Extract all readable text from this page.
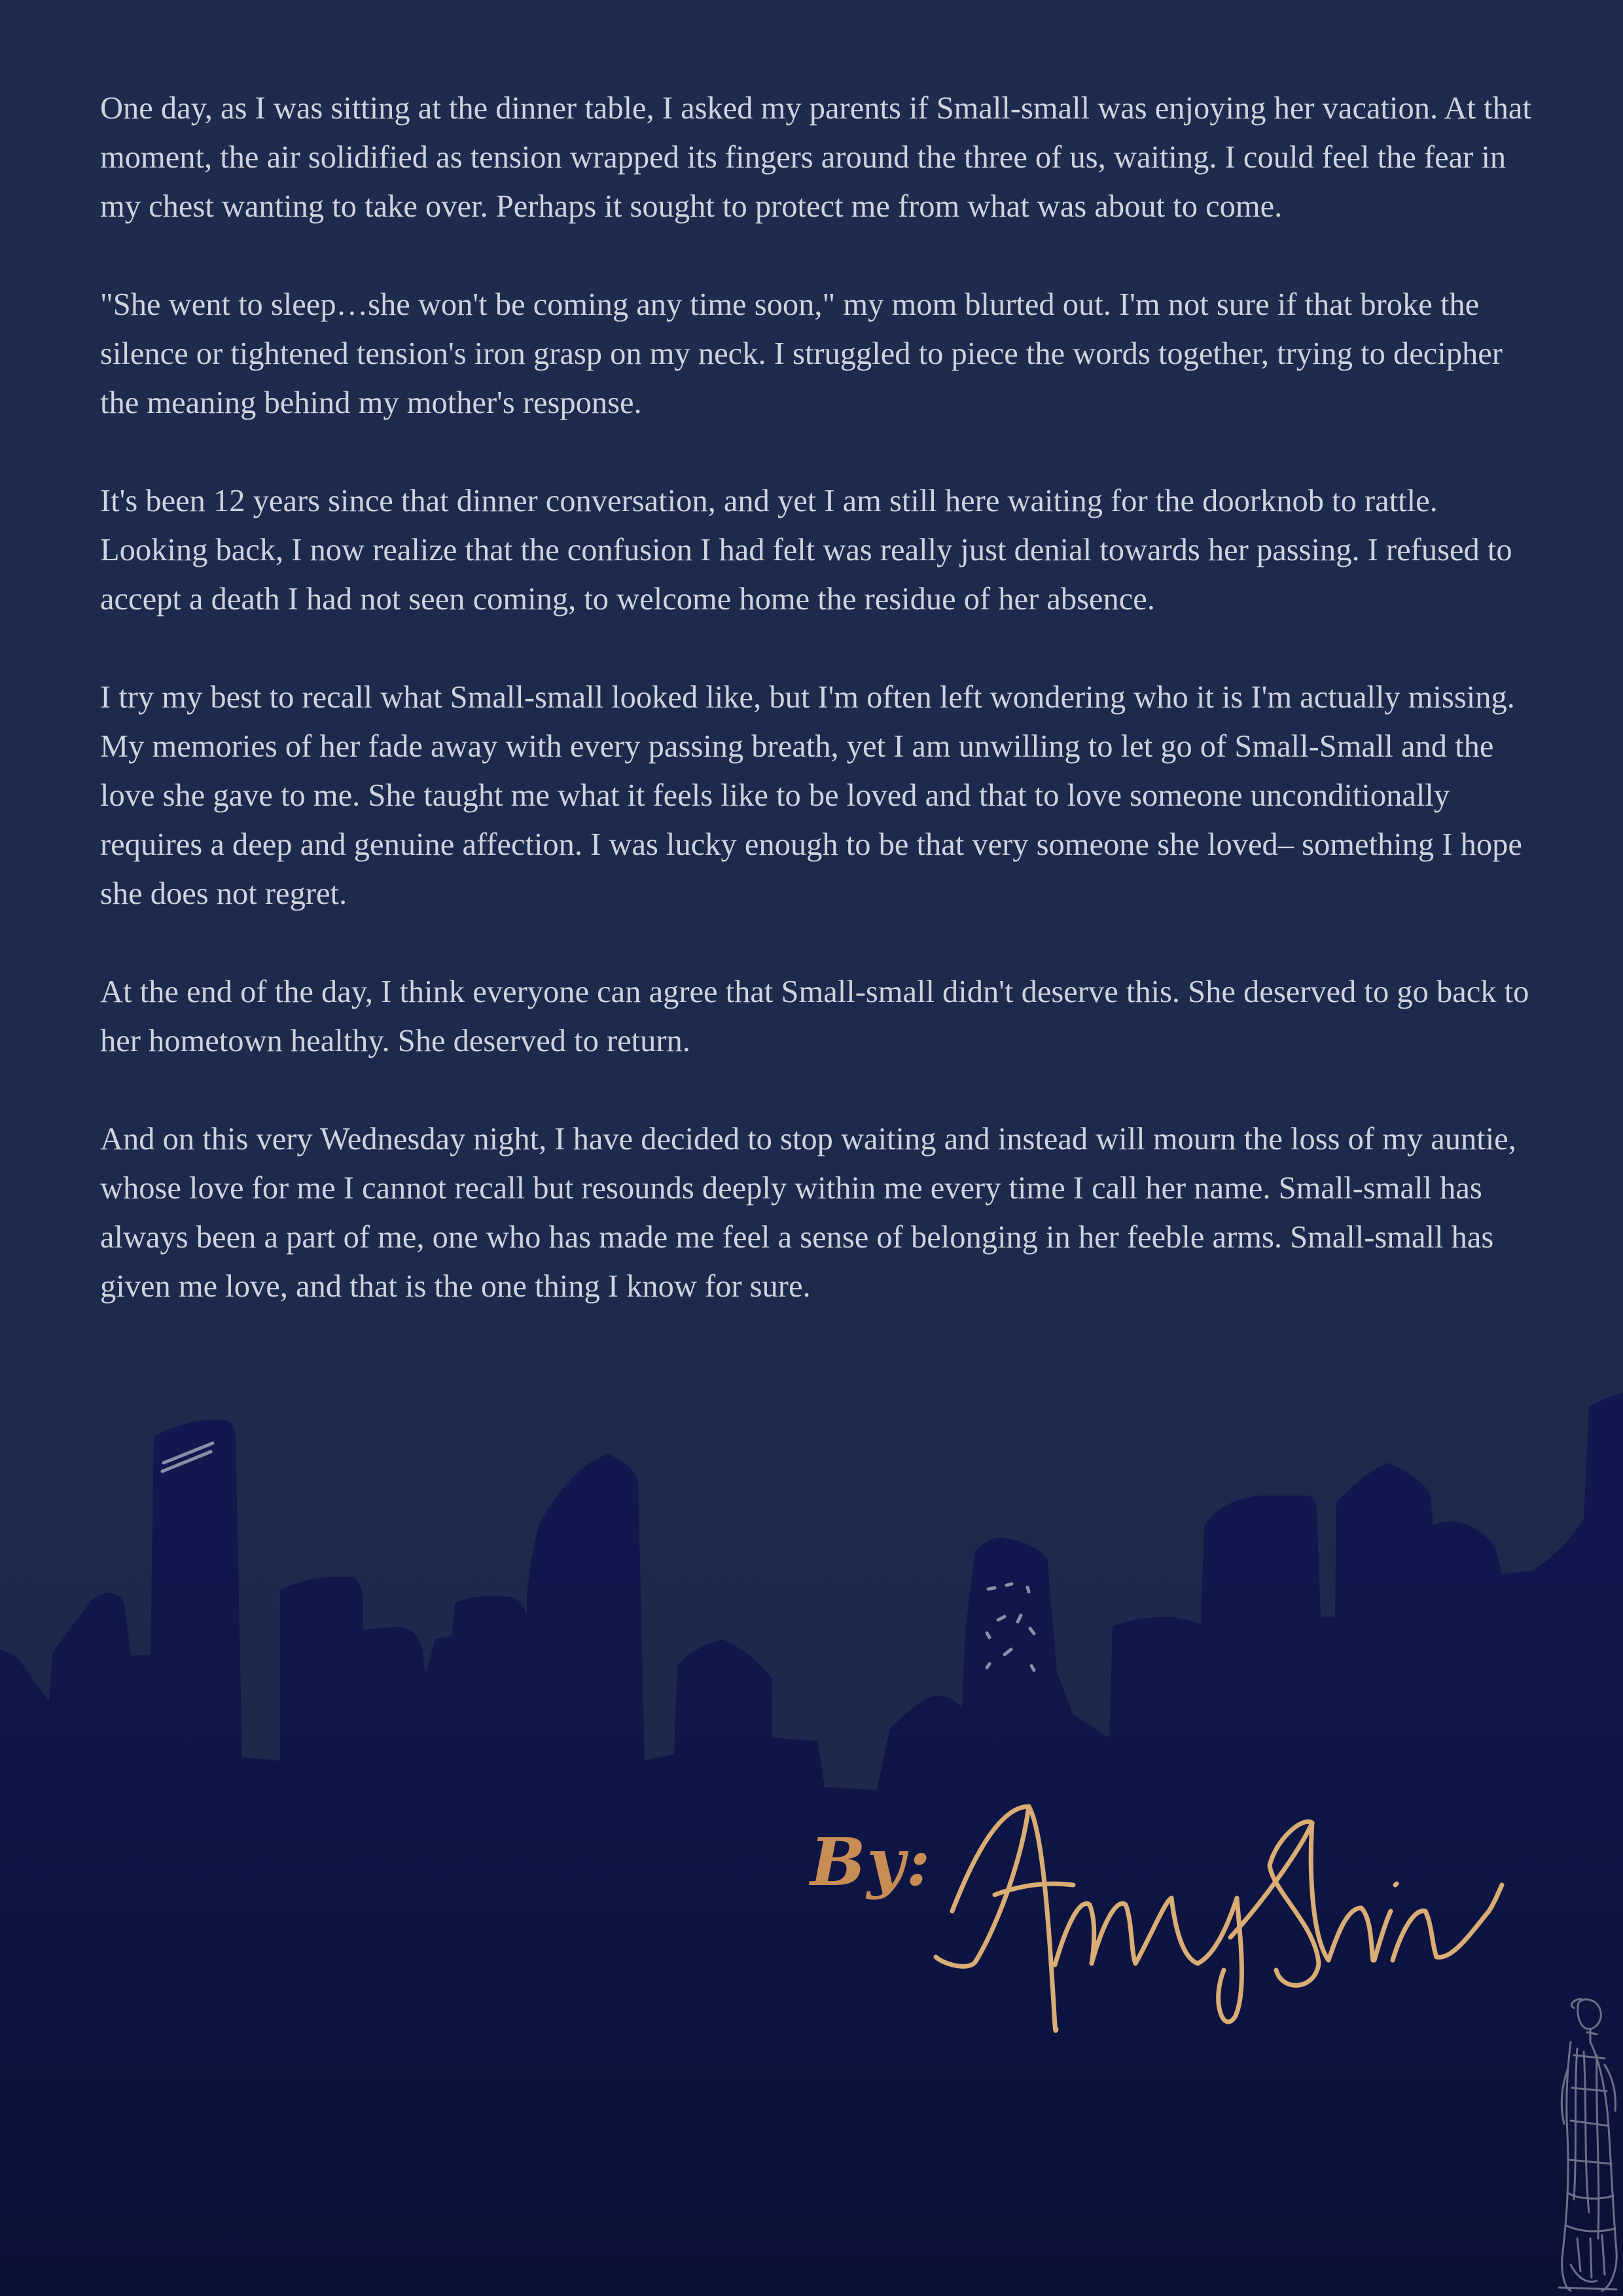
One day, as I was sitting at the dinner table, I asked my parents if Small-small was enjoying her vacation. At that moment, the air solidified as tension wrapped its fingers around the three of us, waiting. I could feel the fear in my chest wanting to take over. Perhaps it sought to protect me from what was about to come.

"She went to sleep…she won't be coming any time soon," my mom blurted out. I'm not sure if that broke the silence or tightened tension's iron grasp on my neck. I struggled to piece the words together, trying to decipher the meaning behind my mother's response.

It's been 12 years since that dinner conversation, and yet I am still here waiting for the doorknob to rattle. Looking back, I now realize that the confusion I had felt was really just denial towards her passing. I refused to accept a death I had not seen coming, to welcome home the residue of her absence.

I try my best to recall what Small-small looked like, but I'm often left wondering who it is I'm actually missing. My memories of her fade away with every passing breath, yet I am unwilling to let go of Small-Small and the love she gave to me. She taught me what it feels like to be loved and that to love someone unconditionally requires a deep and genuine affection. I was lucky enough to be that very someone she loved– something I hope she does not regret.

At the end of the day, I think everyone can agree that Small-small didn't deserve this. She deserved to go back to her hometown healthy. She deserved to return.

And on this very Wednesday night, I have decided to stop waiting and instead will mourn the loss of my auntie, whose love for me I cannot recall but resounds deeply within me every time I call her name. Small-small has always been a part of me, one who has made me feel a sense of belonging in her feeble arms. Small-small has given me love, and that is the one thing I know for sure.

By:
